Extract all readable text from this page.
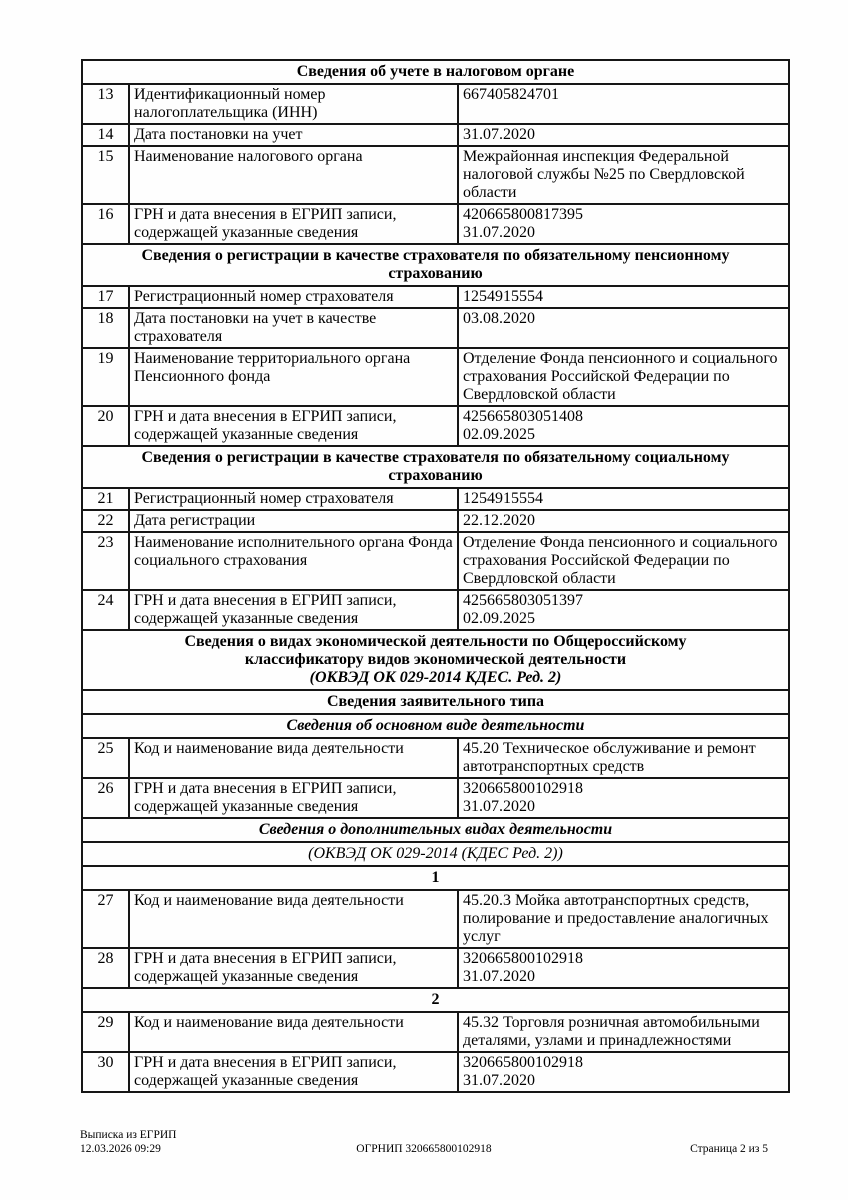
Сведения об учете в налоговом органе		
13	Идентификационный номер налогоплательщика (ИНН)	667405824701

14	Дата постановки на учет	31.07.2020

15	Наименование налогового органа	Межрайонная инспекция Федеральной налоговой службы №25 по Свердловской области

16	ГРН и дата внесения в ЕГРИП записи, содержащей указанные сведения	420665800817395
31.07.2020

Сведения о регистрации в качестве страхователя по обязательному пенсионному страхованию		
17	Регистрационный номер страхователя	1254915554

18	Дата постановки на учет в качестве страхователя	03.08.2020

19	Наименование территориального органа Пенсионного фонда	Отделение Фонда пенсионного и социального страхования Российской Федерации по Свердловской области

20	ГРН и дата внесения в ЕГРИП записи, содержащей указанные сведения	425665803051408
02.09.2025

Сведения о регистрации в качестве страхователя по обязательному социальному страхованию		
21	Регистрационный номер страхователя	1254915554

22	Дата регистрации	22.12.2020

23	Наименование исполнительного органа Фонда социального страхования	Отделение Фонда пенсионного и социального страхования Российской Федерации по Свердловской области

24	ГРН и дата внесения в ЕГРИП записи, содержащей указанные сведения	425665803051397
02.09.2025

Сведения о видах экономической деятельности по Общероссийскому классификатору видов экономической деятельности
(ОКВЭД ОК 029-2014 КДЕС. Ред. 2)		

Сведения заявительного типа		
Сведения об основном виде деятельности		
25	Код и наименование вида деятельности	45.20 Техническое обслуживание и ремонт автотранспортных средств

26	ГРН и дата внесения в ЕГРИП записи, содержащей указанные сведения	320665800102918
31.07.2020

Сведения о дополнительных видах деятельности		
(ОКВЭД ОК 029-2014 (КДЕС Ред. 2))		
1		
27	Код и наименование вида деятельности	45.20.3 Мойка автотранспортных средств, полирование и предоставление аналогичных услуг

28	ГРН и дата внесения в ЕГРИП записи, содержащей указанные сведения	320665800102918
31.07.2020

2		
29	Код и наименование вида деятельности	45.32 Торговля розничная автомобильными деталями, узлами и принадлежностями

30	ГРН и дата внесения в ЕГРИП записи, содержащей указанные сведения	320665800102918
31.07.2020
Выписка из ЕГРИП
12.03.2026 09:29	ОГРНИП 320665800102918	Страница 2 из 5
